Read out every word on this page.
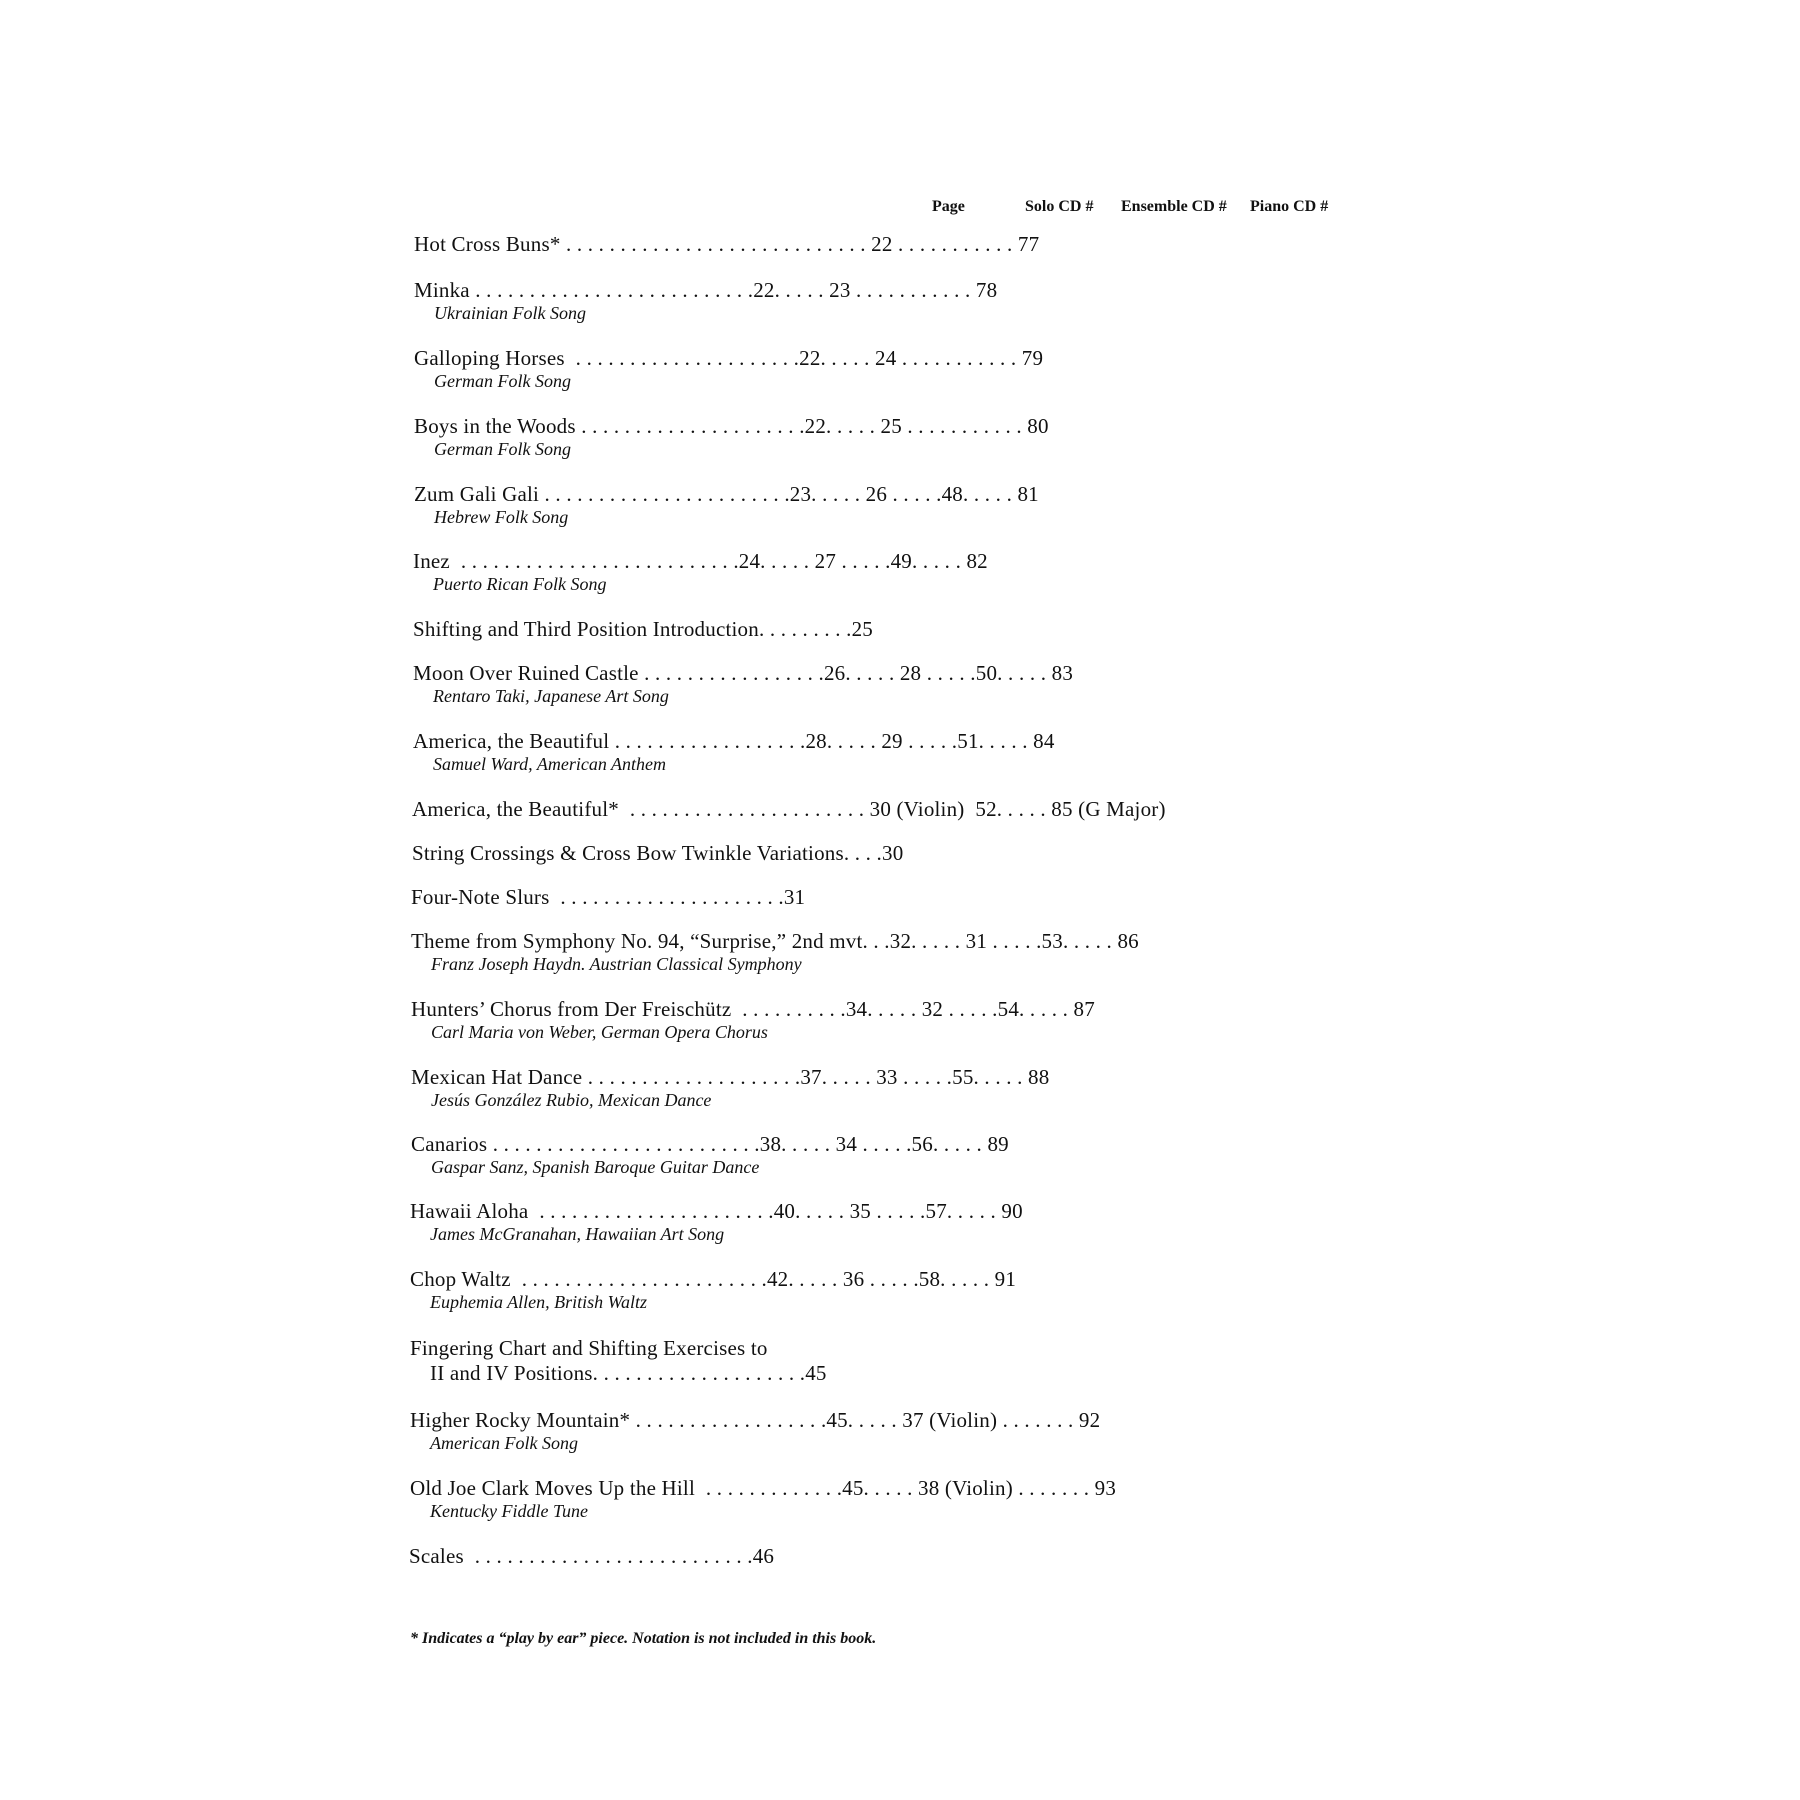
Page	Solo CD # Ensemble CD # Piano CD #
Hot Cross Buns* . . . . . . . . . . . . . . . . . . . . . . . . . . . . 22 . . . . . . . . . . . 77
Minka . . . . . . . . . . . . . . . . . . . . . . . . . .22. . . . . 23 . . . . . . . . . . . 78
Ukrainian Folk Song
Galloping Horses  . . . . . . . . . . . . . . . . . . . . .22. . . . . 24 . . . . . . . . . . . 79
German Folk Song
Boys in the Woods . . . . . . . . . . . . . . . . . . . . .22. . . . . 25 . . . . . . . . . . . 80
German Folk Song
Zum Gali Gali . . . . . . . . . . . . . . . . . . . . . . .23. . . . . 26 . . . . .48. . . . . 81
Hebrew Folk Song
Inez  . . . . . . . . . . . . . . . . . . . . . . . . . .24. . . . . 27 . . . . .49. . . . . 82
Puerto Rican Folk Song
Shifting and Third Position Introduction. . . . . . . . .25
Moon Over Ruined Castle . . . . . . . . . . . . . . . . .26. . . . . 28 . . . . .50. . . . . 83
Rentaro Taki, Japanese Art Song
America, the Beautiful . . . . . . . . . . . . . . . . . .28. . . . . 29 . . . . .51. . . . . 84
Samuel Ward, American Anthem
America, the Beautiful*  . . . . . . . . . . . . . . . . . . . . . . 30 (Violin)  52. . . . . 85 (G Major)
String Crossings & Cross Bow Twinkle Variations. . . .30
Four-Note Slurs  . . . . . . . . . . . . . . . . . . . . .31
Theme from Symphony No. 94, “Surprise,” 2nd mvt. . .32. . . . . 31 . . . . .53. . . . . 86
Franz Joseph Haydn. Austrian Classical Symphony
Hunters’ Chorus from Der Freischütz  . . . . . . . . . .34. . . . . 32 . . . . .54. . . . . 87
Carl Maria von Weber, German Opera Chorus
Mexican Hat Dance . . . . . . . . . . . . . . . . . . . .37. . . . . 33 . . . . .55. . . . . 88
Jesús González Rubio, Mexican Dance
Canarios . . . . . . . . . . . . . . . . . . . . . . . . .38. . . . . 34 . . . . .56. . . . . 89
Gaspar Sanz, Spanish Baroque Guitar Dance
Hawaii Aloha  . . . . . . . . . . . . . . . . . . . . . .40. . . . . 35 . . . . .57. . . . . 90
James McGranahan, Hawaiian Art Song
Chop Waltz  . . . . . . . . . . . . . . . . . . . . . . .42. . . . . 36 . . . . .58. . . . . 91
Euphemia Allen, British Waltz
Fingering Chart and Shifting Exercises to
II and IV Positions. . . . . . . . . . . . . . . . . . . .45
Higher Rocky Mountain* . . . . . . . . . . . . . . . . . .45. . . . . 37 (Violin) . . . . . . . 92
American Folk Song
Old Joe Clark Moves Up the Hill  . . . . . . . . . . . . .45. . . . . 38 (Violin) . . . . . . . 93
Kentucky Fiddle Tune
Scales  . . . . . . . . . . . . . . . . . . . . . . . . . .46
* Indicates a “play by ear” piece. Notation is not included in this book.
